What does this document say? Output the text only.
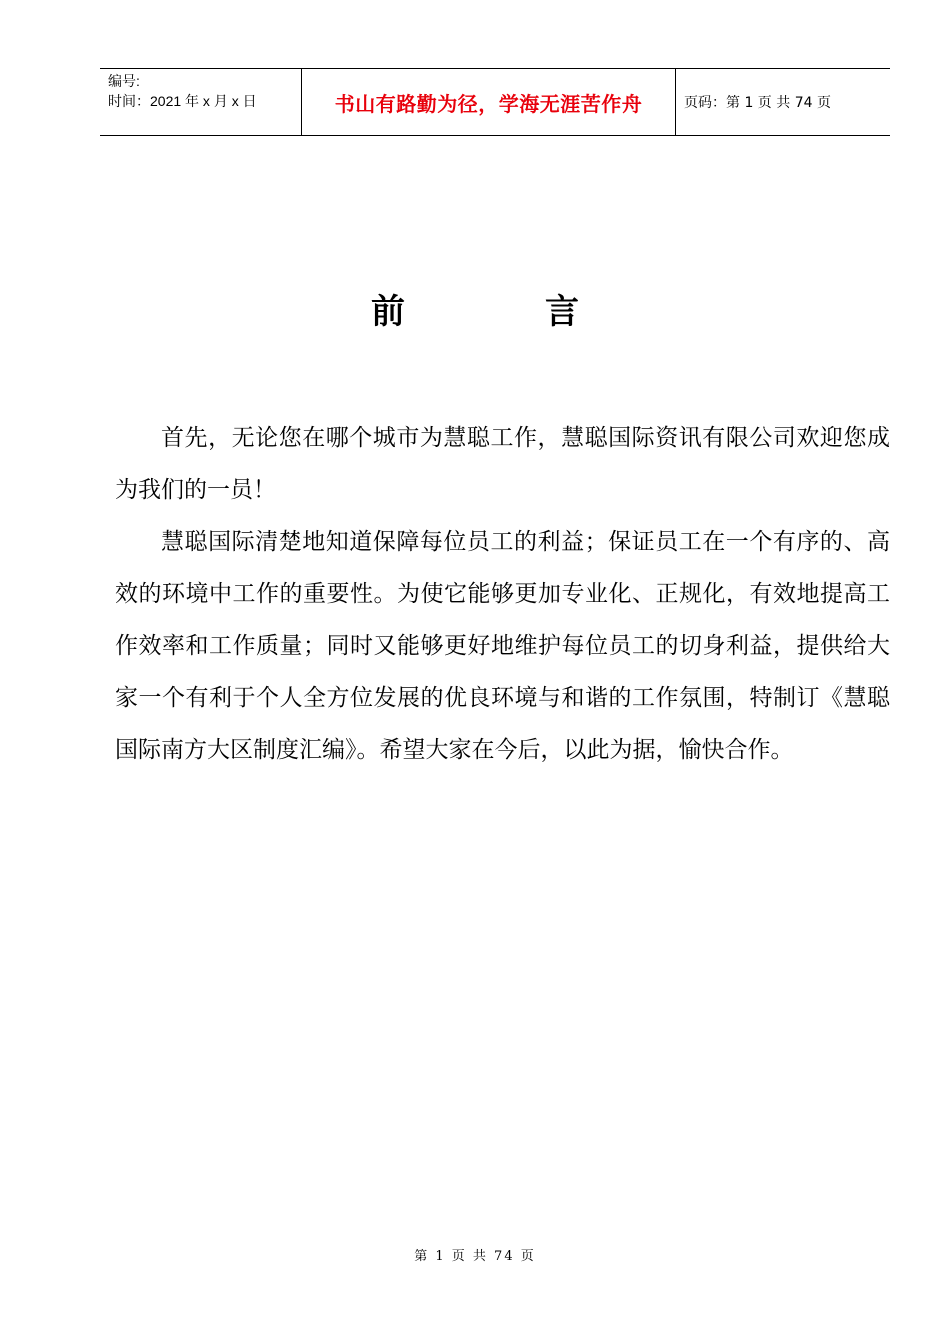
编号:
时间：2021 年 x 月 x 日	书山有路勤为径，学海无涯苦作舟	页码：第 1 页 共 74 页
前言

首先，无论您在哪个城市为慧聪工作，慧聪国际资讯有限公司欢迎您成为我们的一员！

慧聪国际清楚地知道保障每位员工的利益；保证员工在一个有序的、高效的环境中工作的重要性。为使它能够更加专业化、正规化，有效地提高工作效率和工作质量；同时又能够更好地维护每位员工的切身利益，提供给大家一个有利于个人全方位发展的优良环境与和谐的工作氛围，特制订《慧聪国际南方大区制度汇编》。希望大家在今后，以此为据，愉快合作。

第 1 页 共 74 页
